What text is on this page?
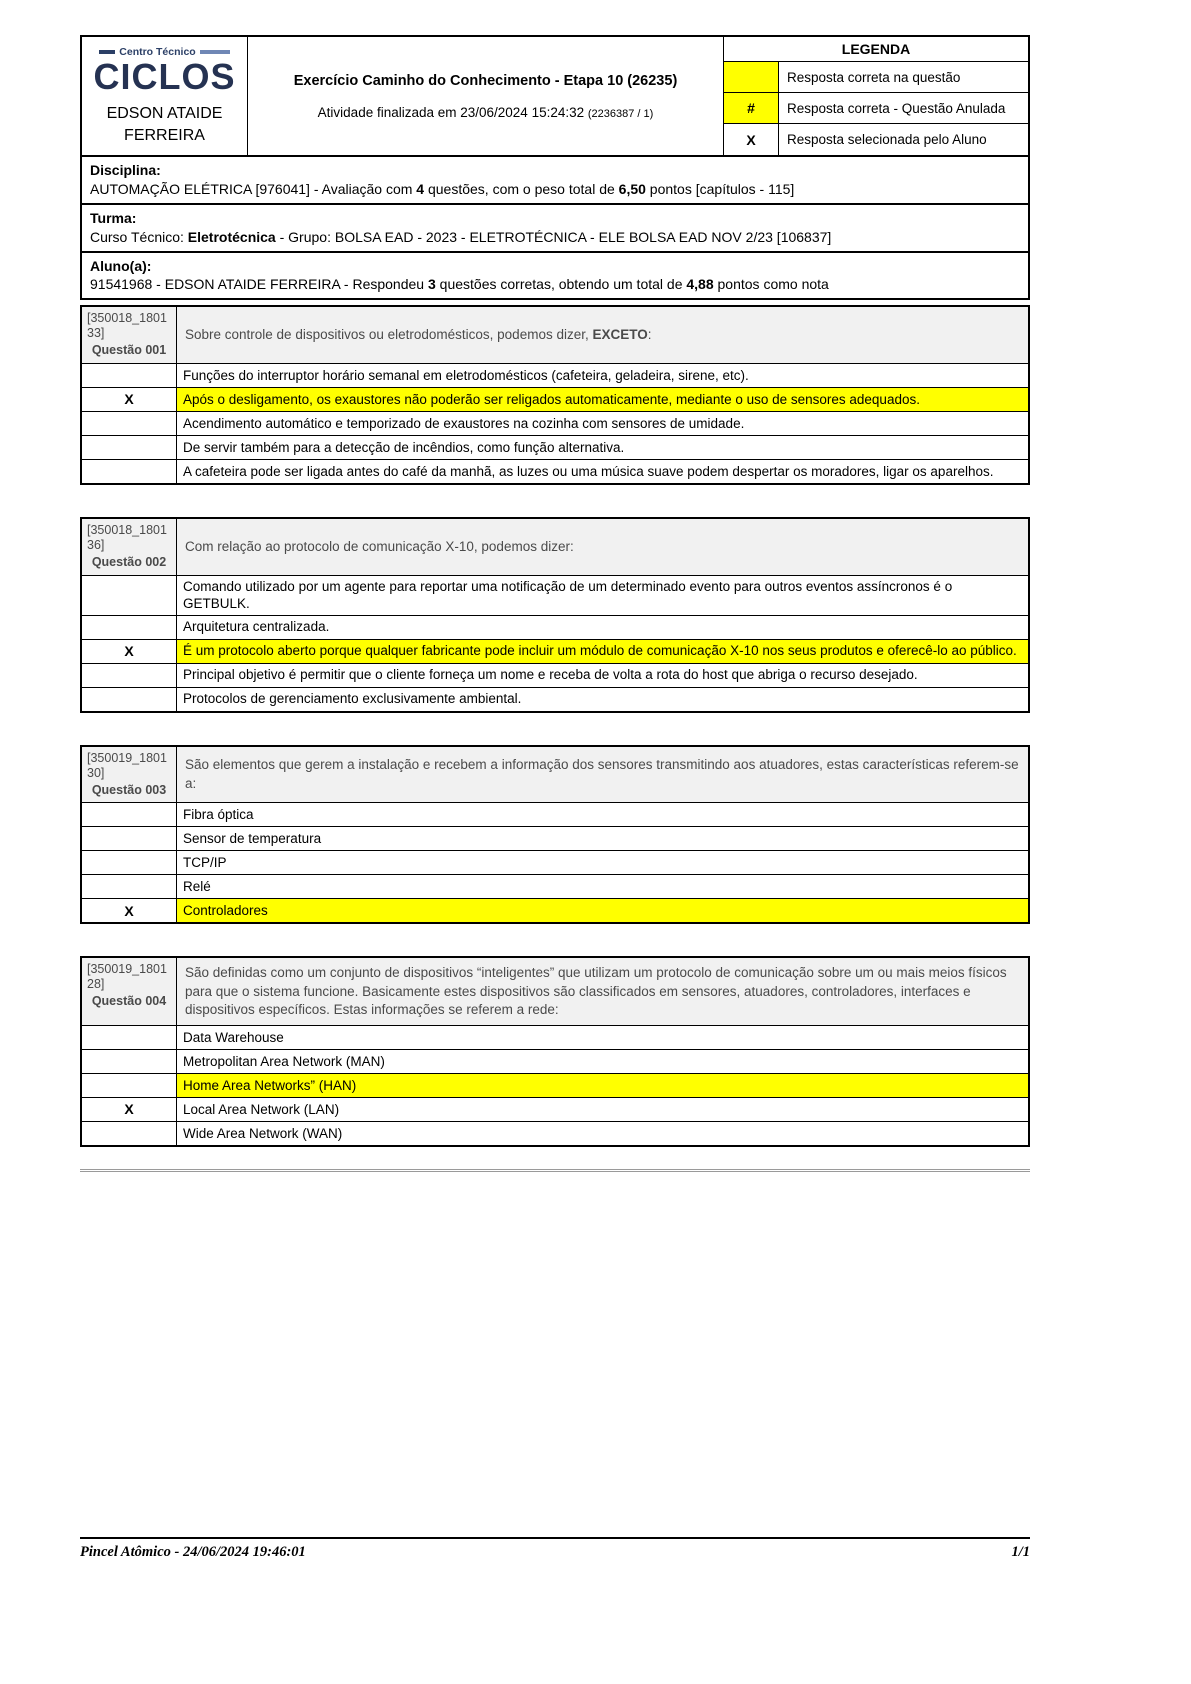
Centro Técnico
CICLOS
EDSON ATAIDE
FERREIRA
Exercício Caminho do Conhecimento - Etapa 10 (26235)
Atividade finalizada em 23/06/2024 15:24:32 (2236387 / 1)
LEGENDA
Resposta correta na questão
#	Resposta correta - Questão Anulada
X	Resposta selecionada pelo Aluno
Disciplina:
AUTOMAÇÃO ELÉTRICA [976041] - Avaliação com 4 questões, com o peso total de 6,50 pontos [capítulos - 115]
Turma:
Curso Técnico: Eletrotécnica - Grupo: BOLSA EAD - 2023 - ELETROTÉCNICA - ELE BOLSA EAD NOV 2/23 [106837]
Aluno(a):
91541968 - EDSON ATAIDE FERREIRA - Respondeu 3 questões corretas, obtendo um total de 4,88 pontos como nota
[350018_180133]
Questão 001
Sobre controle de dispositivos ou eletrodomésticos, podemos dizer, EXCETO:
Funções do interruptor horário semanal em eletrodomésticos (cafeteira, geladeira, sirene, etc).
X	Após o desligamento, os exaustores não poderão ser religados automaticamente, mediante o uso de sensores adequados.
Acendimento automático e temporizado de exaustores na cozinha com sensores de umidade.
De servir também para a detecção de incêndios, como função alternativa.
A cafeteira pode ser ligada antes do café da manhã, as luzes ou uma música suave podem despertar os moradores, ligar os aparelhos.
[350018_180136]
Questão 002
Com relação ao protocolo de comunicação X-10, podemos dizer:
Comando utilizado por um agente para reportar uma notificação de um determinado evento para outros eventos assíncronos é o GETBULK.
Arquitetura centralizada.
X	É um protocolo aberto porque qualquer fabricante pode incluir um módulo de comunicação X-10 nos seus produtos e oferecê-lo ao público.
Principal objetivo é permitir que o cliente forneça um nome e receba de volta a rota do host que abriga o recurso desejado.
Protocolos de gerenciamento exclusivamente ambiental.
[350019_180130]
Questão 003
São elementos que gerem a instalação e recebem a informação dos sensores transmitindo aos atuadores, estas características referem-se a:
Fibra óptica
Sensor de temperatura
TCP/IP
Relé
X	Controladores
[350019_180128]
Questão 004
São definidas como um conjunto de dispositivos “inteligentes” que utilizam um protocolo de comunicação sobre um ou mais meios físicos para que o sistema funcione. Basicamente estes dispositivos são classificados em sensores, atuadores, controladores, interfaces e dispositivos específicos. Estas informações se referem a rede:
Data Warehouse
Metropolitan Area Network (MAN)
Home Area Networks” (HAN)
X	Local Area Network (LAN)
Wide Area Network (WAN)
Pincel Atômico - 24/06/2024 19:46:01	1/1
